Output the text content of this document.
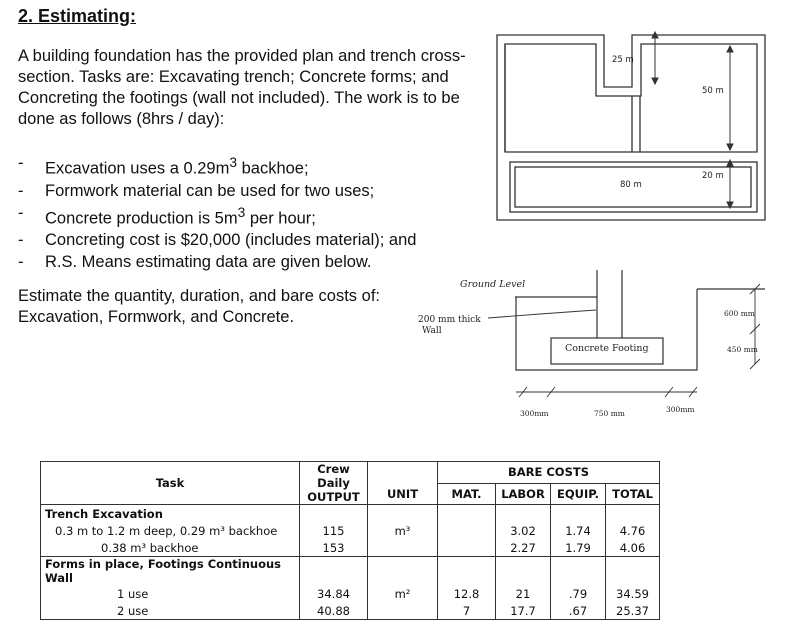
2. Estimating:
A building foundation has the provided plan and trench cross-section. Tasks are: Excavating trench; Concrete forms; and Concreting the footings (wall not included). The work is to be done as follows (8hrs / day):
- Excavation uses a $0.29m^3$ backhoe;
- Formwork material can be used for two uses;
- Concrete production is $5m^3$ per hour;
- Concreting cost is $20,000 (includes material); and
- R.S. Means estimating data are given below.
Estimate the quantity, duration, and bare costs of: Excavation, Formwork, and Concrete.
25 m
50 m
20 m
80 m
Ground Level
200 mm thick
Wall
Concrete Footing
300mm	750 mm	300mm
600 mm
450 mm
Task	Crew Daily
OUTPUT	UNIT	BARE COSTS			
			MAT.	LABOR	EQUIP.	TOTAL
Trench Excavation						
0.3 m to 1.2 m deep, 0.29 m³ backhoe	115	m³		3.02	1.74	4.76
0.38 m³ backhoe	153			2.27	1.79	4.06
Forms in place, Footings Continuous Wall						
1 use	34.84	m²	12.8	21	.79	34.59
2 use	40.88		7	17.7	.67	25.37
